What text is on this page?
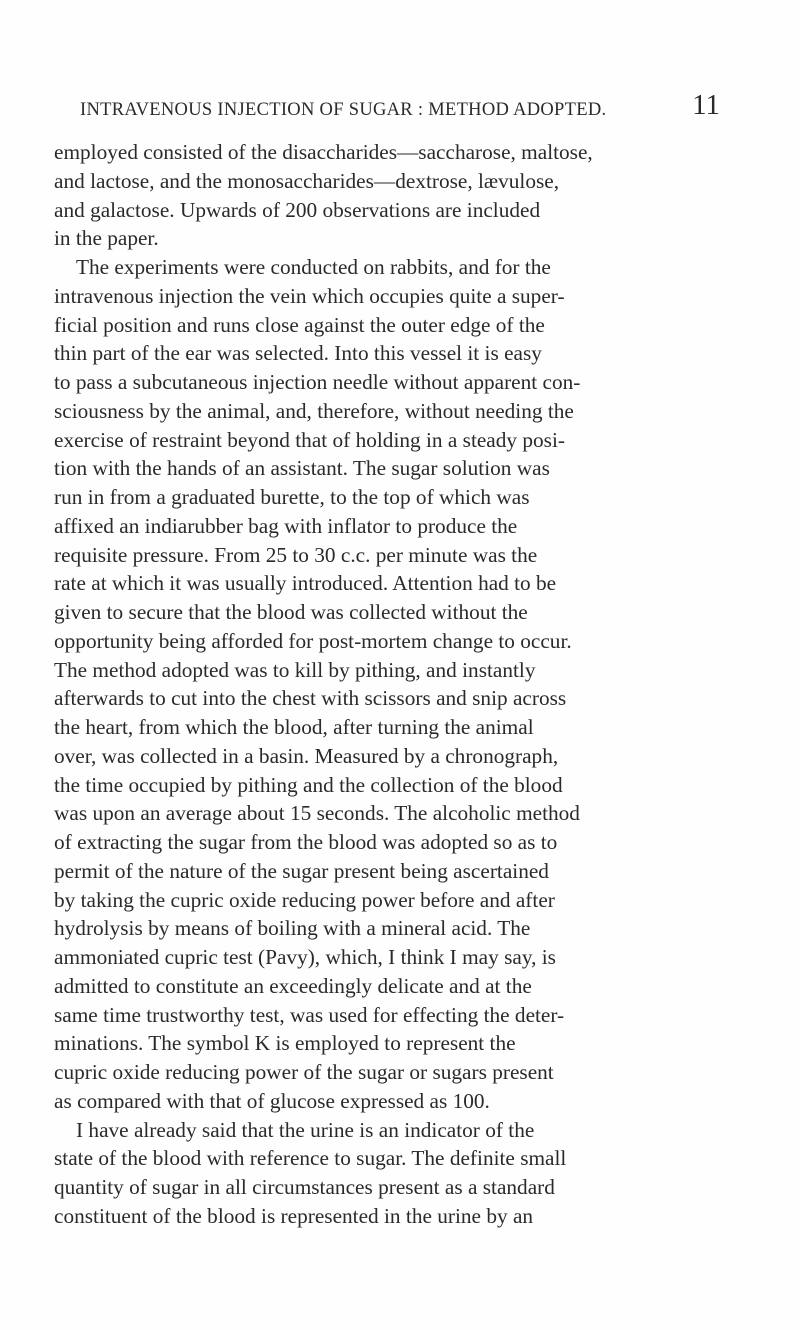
INTRAVENOUS INJECTION OF SUGAR : METHOD ADOPTED.	11
employed consisted of the disaccharides—saccharose, maltose,
and lactose, and the monosaccharides—dextrose, lævulose,
and galactose. Upwards of 200 observations are included
in the paper.
The experiments were conducted on rabbits, and for the
intravenous injection the vein which occupies quite a super-
ficial position and runs close against the outer edge of the
thin part of the ear was selected. Into this vessel it is easy
to pass a subcutaneous injection needle without apparent con-
sciousness by the animal, and, therefore, without needing the
exercise of restraint beyond that of holding in a steady posi-
tion with the hands of an assistant. The sugar solution was
run in from a graduated burette, to the top of which was
affixed an indiarubber bag with inflator to produce the
requisite pressure. From 25 to 30 c.c. per minute was the
rate at which it was usually introduced. Attention had to be
given to secure that the blood was collected without the
opportunity being afforded for post-mortem change to occur.
The method adopted was to kill by pithing, and instantly
afterwards to cut into the chest with scissors and snip across
the heart, from which the blood, after turning the animal
over, was collected in a basin. Measured by a chronograph,
the time occupied by pithing and the collection of the blood
was upon an average about 15 seconds. The alcoholic method
of extracting the sugar from the blood was adopted so as to
permit of the nature of the sugar present being ascertained
by taking the cupric oxide reducing power before and after
hydrolysis by means of boiling with a mineral acid. The
ammoniated cupric test (Pavy), which, I think I may say, is
admitted to constitute an exceedingly delicate and at the
same time trustworthy test, was used for effecting the deter-
minations. The symbol K is employed to represent the
cupric oxide reducing power of the sugar or sugars present
as compared with that of glucose expressed as 100.
I have already said that the urine is an indicator of the
state of the blood with reference to sugar. The definite small
quantity of sugar in all circumstances present as a standard
constituent of the blood is represented in the urine by an
